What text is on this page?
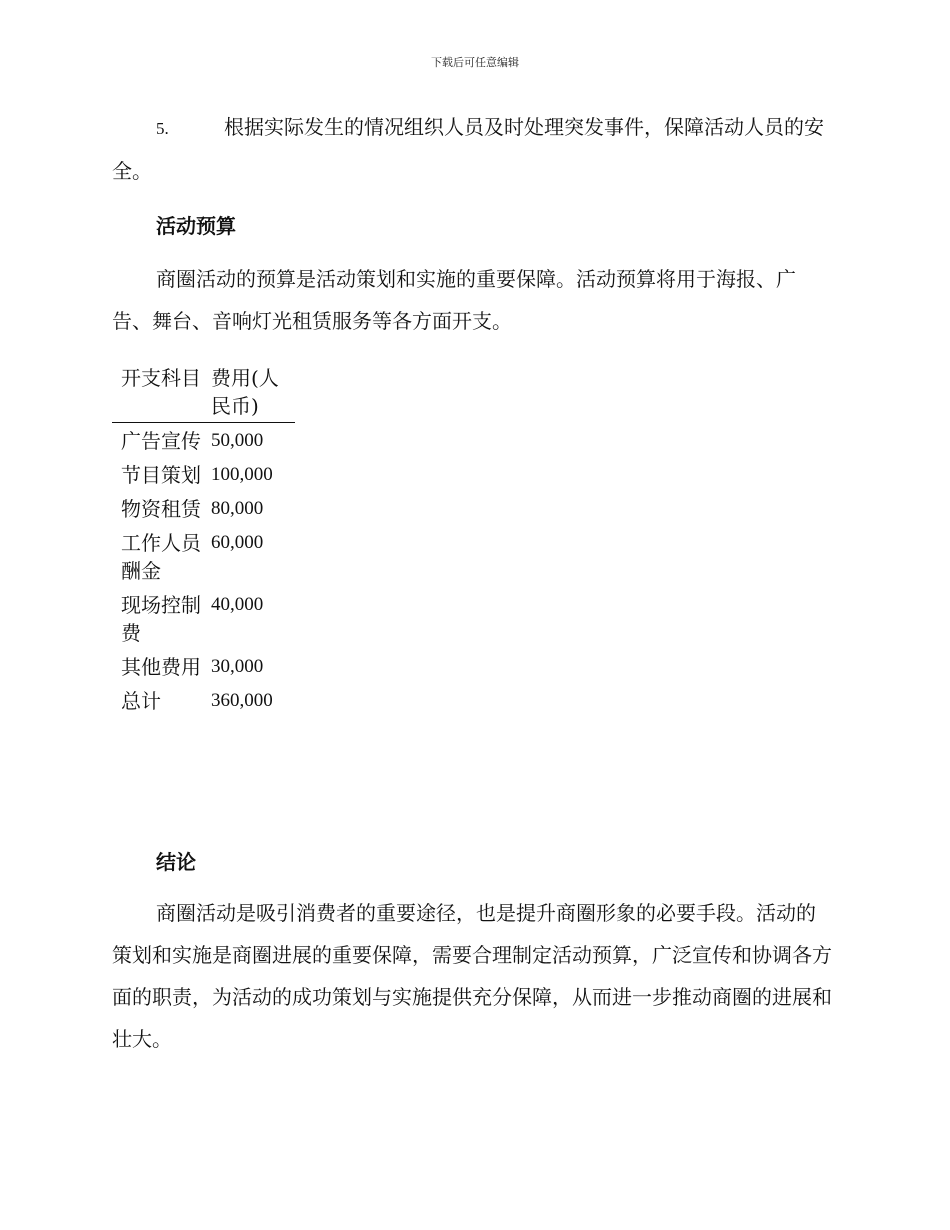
下载后可任意编辑

5.	根据实际发生的情况组织人员及时处理突发事件，保障活动人员的安全。

活动预算

商圈活动的预算是活动策划和实施的重要保障。活动预算将用于海报、广告、舞台、音响灯光租赁服务等各方面开支。

开支科目	费用(人民币)
广告宣传	50,000
节目策划	100,000
物资租赁	80,000
工作人员酬金	60,000
现场控制费	40,000
其他费用	30,000
总计	360,000
结论

商圈活动是吸引消费者的重要途径，也是提升商圈形象的必要手段。活动的策划和实施是商圈进展的重要保障，需要合理制定活动预算，广泛宣传和协调各方面的职责，为活动的成功策划与实施提供充分保障，从而进一步推动商圈的进展和壮大。
